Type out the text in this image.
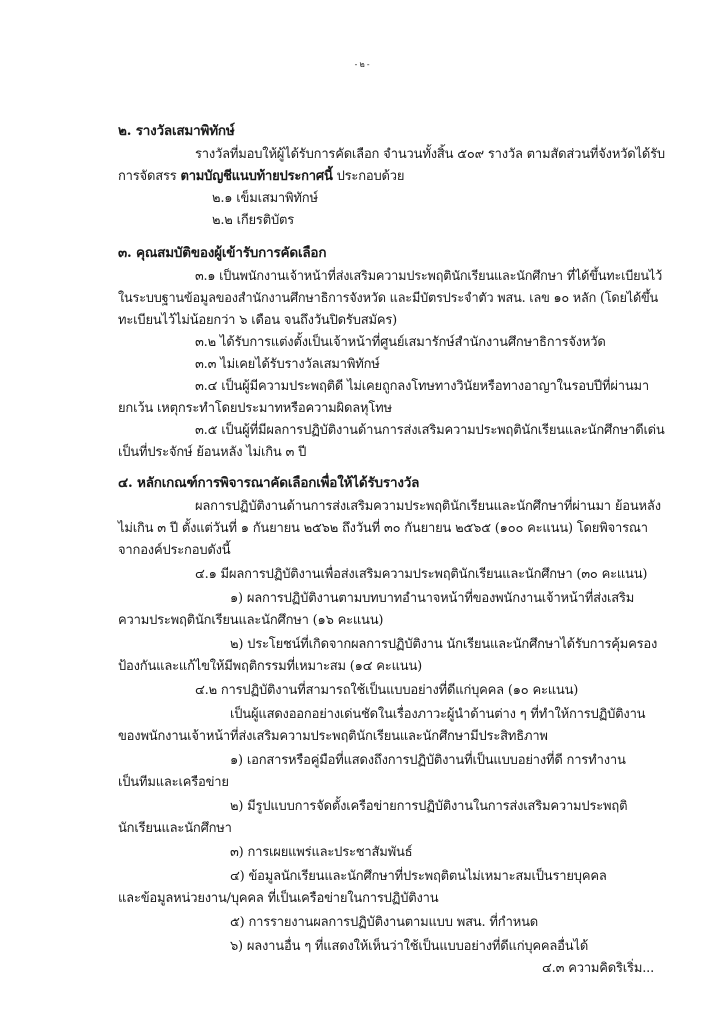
- ๒ -
๒. รางวัลเสมาพิทักษ์
รางวัลที่มอบให้ผู้ได้รับการคัดเลือก จำนวนทั้งสิ้น ๕๐๙ รางวัล ตามสัดส่วนที่จังหวัดได้รับ
การจัดสรร ตามบัญชีแนบท้ายประกาศนี้ ประกอบด้วย
๒.๑ เข็มเสมาพิทักษ์
๒.๒ เกียรติบัตร
๓. คุณสมบัติของผู้เข้ารับการคัดเลือก
๓.๑ เป็นพนักงานเจ้าหน้าที่ส่งเสริมความประพฤตินักเรียนและนักศึกษา ที่ได้ขึ้นทะเบียนไว้
ในระบบฐานข้อมูลของสำนักงานศึกษาธิการจังหวัด และมีบัตรประจำตัว พสน. เลข ๑๐ หลัก (โดยได้ขึ้น
ทะเบียนไว้ไม่น้อยกว่า ๖ เดือน จนถึงวันปิดรับสมัคร)
๓.๒ ได้รับการแต่งตั้งเป็นเจ้าหน้าที่ศูนย์เสมารักษ์สำนักงานศึกษาธิการจังหวัด
๓.๓ ไม่เคยได้รับรางวัลเสมาพิทักษ์
๓.๔ เป็นผู้มีความประพฤติดี ไม่เคยถูกลงโทษทางวินัยหรือทางอาญาในรอบปีที่ผ่านมา
ยกเว้น เหตุกระทำโดยประมาทหรือความผิดลหุโทษ
๓.๕ เป็นผู้ที่มีผลการปฏิบัติงานด้านการส่งเสริมความประพฤตินักเรียนและนักศึกษาดีเด่น
เป็นที่ประจักษ์ ย้อนหลัง ไม่เกิน ๓ ปี
๔. หลักเกณฑ์การพิจารณาคัดเลือกเพื่อให้ได้รับรางวัล
ผลการปฏิบัติงานด้านการส่งเสริมความประพฤตินักเรียนและนักศึกษาที่ผ่านมา ย้อนหลัง
ไม่เกิน ๓ ปี ตั้งแต่วันที่ ๑ กันยายน ๒๕๖๒ ถึงวันที่ ๓๐ กันยายน ๒๕๖๕ (๑๐๐ คะแนน) โดยพิจารณา
จากองค์ประกอบดังนี้
๔.๑ มีผลการปฏิบัติงานเพื่อส่งเสริมความประพฤตินักเรียนและนักศึกษา (๓๐ คะแนน)
๑) ผลการปฏิบัติงานตามบทบาทอำนาจหน้าที่ของพนักงานเจ้าหน้าที่ส่งเสริม
ความประพฤตินักเรียนและนักศึกษา (๑๖ คะแนน)
๒) ประโยชน์ที่เกิดจากผลการปฏิบัติงาน นักเรียนและนักศึกษาได้รับการคุ้มครอง
ป้องกันและแก้ไขให้มีพฤติกรรมที่เหมาะสม (๑๔ คะแนน)
๔.๒ การปฏิบัติงานที่สามารถใช้เป็นแบบอย่างที่ดีแก่บุคคล (๑๐ คะแนน)
เป็นผู้แสดงออกอย่างเด่นชัดในเรื่องภาวะผู้นำด้านต่าง ๆ ที่ทำให้การปฏิบัติงาน
ของพนักงานเจ้าหน้าที่ส่งเสริมความประพฤตินักเรียนและนักศึกษามีประสิทธิภาพ
๑) เอกสารหรือคู่มือที่แสดงถึงการปฏิบัติงานที่เป็นแบบอย่างที่ดี การทำงาน
เป็นทีมและเครือข่าย
๒) มีรูปแบบการจัดตั้งเครือข่ายการปฏิบัติงานในการส่งเสริมความประพฤติ
นักเรียนและนักศึกษา
๓) การเผยแพร่และประชาสัมพันธ์
๔) ข้อมูลนักเรียนและนักศึกษาที่ประพฤติตนไม่เหมาะสมเป็นรายบุคคล
และข้อมูลหน่วยงาน/บุคคล ที่เป็นเครือข่ายในการปฏิบัติงาน
๕) การรายงานผลการปฏิบัติงานตามแบบ พสน. ที่กำหนด
๖) ผลงานอื่น ๆ ที่แสดงให้เห็นว่าใช้เป็นแบบอย่างที่ดีแก่บุคคลอื่นได้
๔.๓ ความคิดริเริ่ม...
